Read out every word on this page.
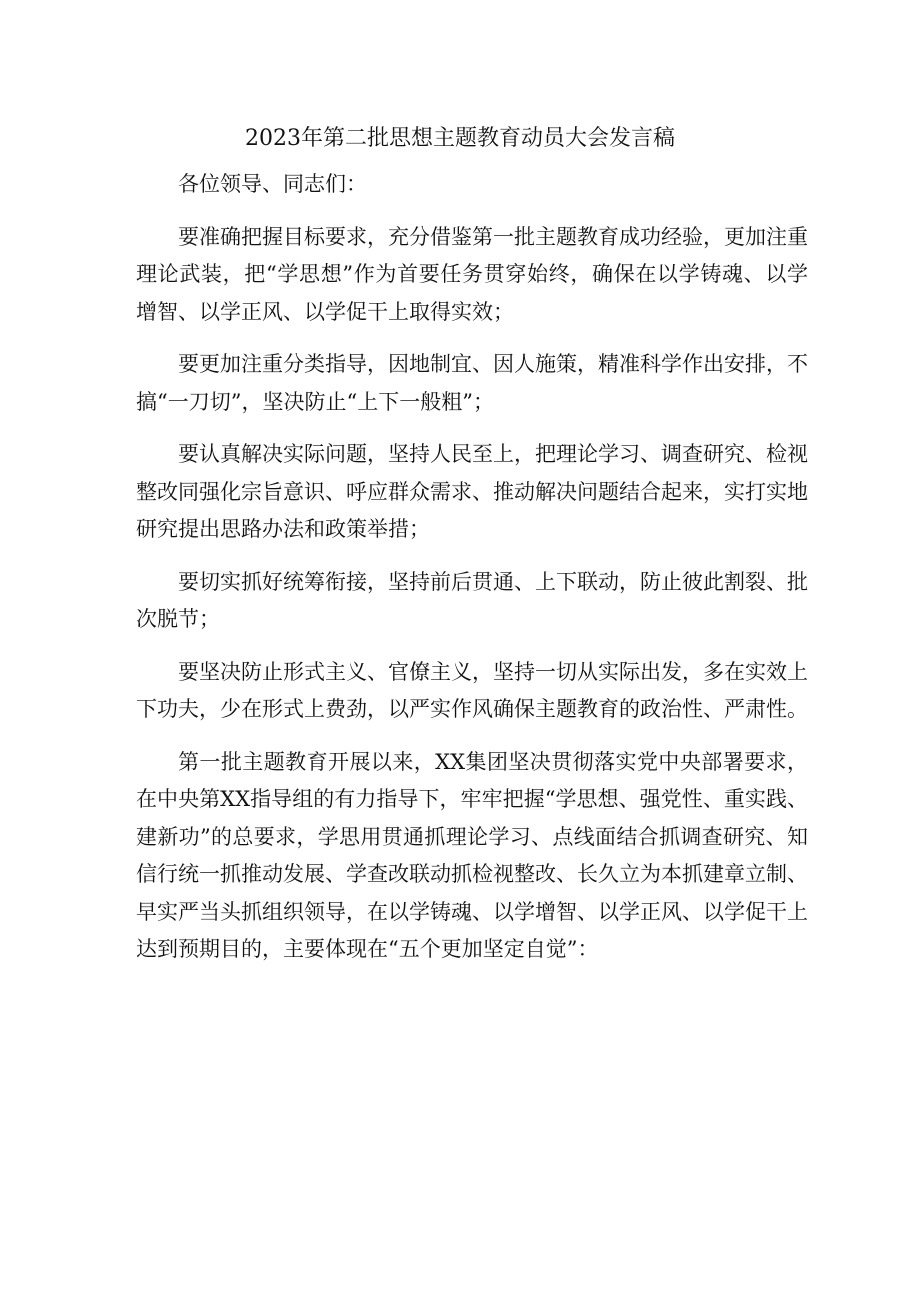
2023年第二批思想主题教育动员大会发言稿

各位领导、同志们：

要准确把握目标要求，充分借鉴第一批主题教育成功经验，更加注重理论武装，把“学思想”作为首要任务贯穿始终，确保在以学铸魂、以学增智、以学正风、以学促干上取得实效；

要更加注重分类指导，因地制宜、因人施策，精准科学作出安排，不搞“一刀切”，坚决防止“上下一般粗”；

要认真解决实际问题，坚持人民至上，把理论学习、调查研究、检视整改同强化宗旨意识、呼应群众需求、推动解决问题结合起来，实打实地研究提出思路办法和政策举措；

要切实抓好统筹衔接，坚持前后贯通、上下联动，防止彼此割裂、批次脱节；

要坚决防止形式主义、官僚主义，坚持一切从实际出发，多在实效上下功夫，少在形式上费劲，以严实作风确保主题教育的政治性、严肃性。

第一批主题教育开展以来，XX集团坚决贯彻落实党中央部署要求，在中央第XX指导组的有力指导下，牢牢把握“学思想、强党性、重实践、建新功”的总要求，学思用贯通抓理论学习、点线面结合抓调查研究、知信行统一抓推动发展、学查改联动抓检视整改、长久立为本抓建章立制、早实严当头抓组织领导，在以学铸魂、以学增智、以学正风、以学促干上达到预期目的，主要体现在“五个更加坚定自觉”：
